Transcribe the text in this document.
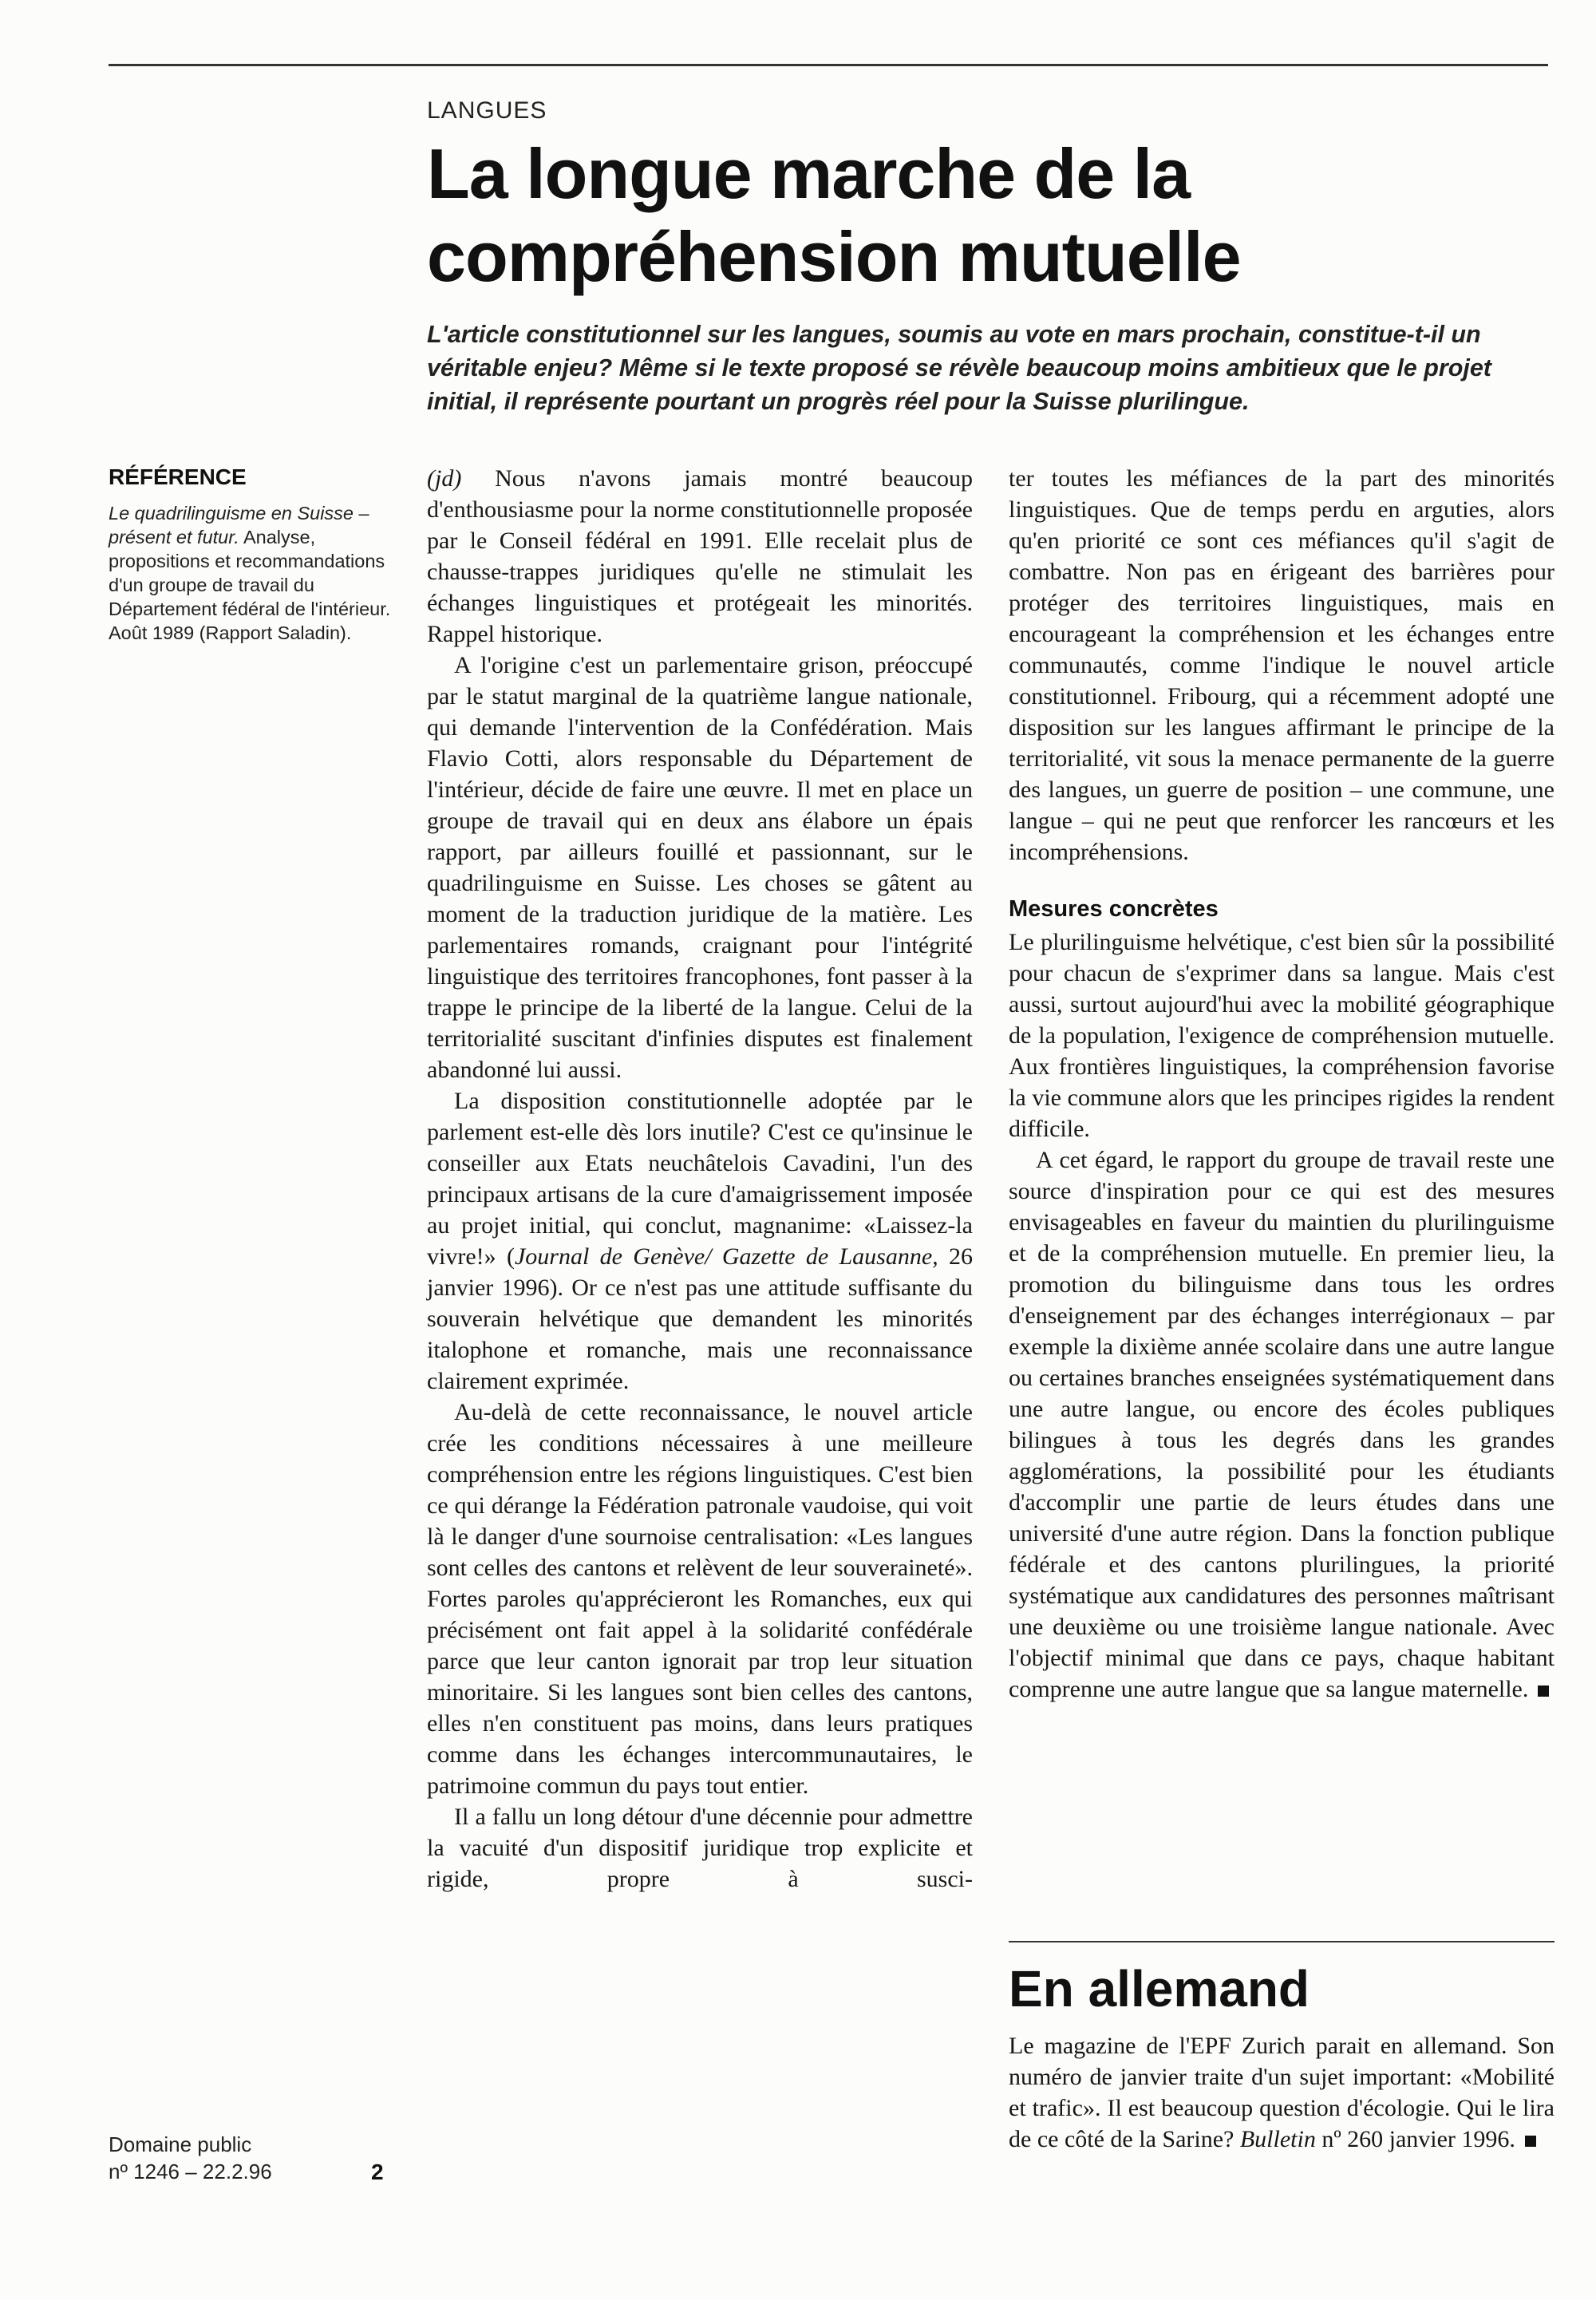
LANGUES
La longue marche de la
compréhension mutuelle

L'article constitutionnel sur les langues, soumis au vote en mars prochain, constitue-t-il un véritable enjeu? Même si le texte proposé se révèle beaucoup moins ambitieux que le projet initial, il représente pourtant un progrès réel pour la Suisse plurilingue.

RÉFÉRENCE

Le quadrilinguisme en Suisse – présent et futur. Analyse, propositions et recommandations d'un groupe de travail du Département fédéral de l'intérieur. Août 1989 (Rapport Saladin).

(jd) Nous n'avons jamais montré beaucoup d'enthousiasme pour la norme constitutionnelle proposée par le Conseil fédéral en 1991. Elle recelait plus de chausse-trappes juridiques qu'elle ne stimulait les échanges linguistiques et protégeait les minorités. Rappel historique.

A l'origine c'est un parlementaire grison, préoccupé par le statut marginal de la quatrième langue nationale, qui demande l'intervention de la Confédération. Mais Flavio Cotti, alors responsable du Département de l'intérieur, décide de faire une œuvre. Il met en place un groupe de travail qui en deux ans élabore un épais rapport, par ailleurs fouillé et passionnant, sur le quadrilinguisme en Suisse. Les choses se gâtent au moment de la traduction juridique de la matière. Les parlementaires romands, craignant pour l'intégrité linguistique des territoires francophones, font passer à la trappe le principe de la liberté de la langue. Celui de la territorialité suscitant d'infinies disputes est finalement abandonné lui aussi.

La disposition constitutionnelle adoptée par le parlement est-elle dès lors inutile? C'est ce qu'insinue le conseiller aux Etats neuchâtelois Cavadini, l'un des principaux artisans de la cure d'amaigrissement imposée au projet initial, qui conclut, magnanime: «Laissez-la vivre!» (Journal de Genève/ Gazette de Lausanne, 26 janvier 1996). Or ce n'est pas une attitude suffisante du souverain helvétique que demandent les minorités italophone et romanche, mais une reconnaissance clairement exprimée.

Au-delà de cette reconnaissance, le nouvel article crée les conditions nécessaires à une meilleure compréhension entre les régions linguistiques. C'est bien ce qui dérange la Fédération patronale vaudoise, qui voit là le danger d'une sournoise centralisation: «Les langues sont celles des cantons et relèvent de leur souveraineté». Fortes paroles qu'apprécieront les Romanches, eux qui précisément ont fait appel à la solidarité confédérale parce que leur canton ignorait par trop leur situation minoritaire. Si les langues sont bien celles des cantons, elles n'en constituent pas moins, dans leurs pratiques comme dans les échanges intercommunautaires, le patrimoine commun du pays tout entier.

Il a fallu un long détour d'une décennie pour admettre la vacuité d'un dispositif juridique trop explicite et rigide, propre à susci-

ter toutes les méfiances de la part des minorités linguistiques. Que de temps perdu en arguties, alors qu'en priorité ce sont ces méfiances qu'il s'agit de combattre. Non pas en érigeant des barrières pour protéger des territoires linguistiques, mais en encourageant la compréhension et les échanges entre communautés, comme l'indique le nouvel article constitutionnel. Fribourg, qui a récemment adopté une disposition sur les langues affirmant le principe de la territorialité, vit sous la menace permanente de la guerre des langues, un guerre de position – une commune, une langue – qui ne peut que renforcer les rancœurs et les incompréhensions.

Mesures concrètes

Le plurilinguisme helvétique, c'est bien sûr la possibilité pour chacun de s'exprimer dans sa langue. Mais c'est aussi, surtout aujourd'hui avec la mobilité géographique de la population, l'exigence de compréhension mutuelle. Aux frontières linguistiques, la compréhension favorise la vie commune alors que les principes rigides la rendent difficile.

A cet égard, le rapport du groupe de travail reste une source d'inspiration pour ce qui est des mesures envisageables en faveur du maintien du plurilinguisme et de la compréhension mutuelle. En premier lieu, la promotion du bilinguisme dans tous les ordres d'enseignement par des échanges interrégionaux – par exemple la dixième année scolaire dans une autre langue ou certaines branches enseignées systématiquement dans une autre langue, ou encore des écoles publiques bilingues à tous les degrés dans les grandes agglomérations, la possibilité pour les étudiants d'accomplir une partie de leurs études dans une université d'une autre région. Dans la fonction publique fédérale et des cantons plurilingues, la priorité systématique aux candidatures des personnes maîtrisant une deuxième ou une troisième langue nationale. Avec l'objectif minimal que dans ce pays, chaque habitant comprenne une autre langue que sa langue maternelle.

En allemand

Le magazine de l'EPF Zurich parait en allemand. Son numéro de janvier traite d'un sujet important: «Mobilité et trafic». Il est beaucoup question d'écologie. Qui le lira de ce côté de la Sarine? Bulletin nº 260 janvier 1996.

Domaine public
nº 1246 – 22.2.96	2
